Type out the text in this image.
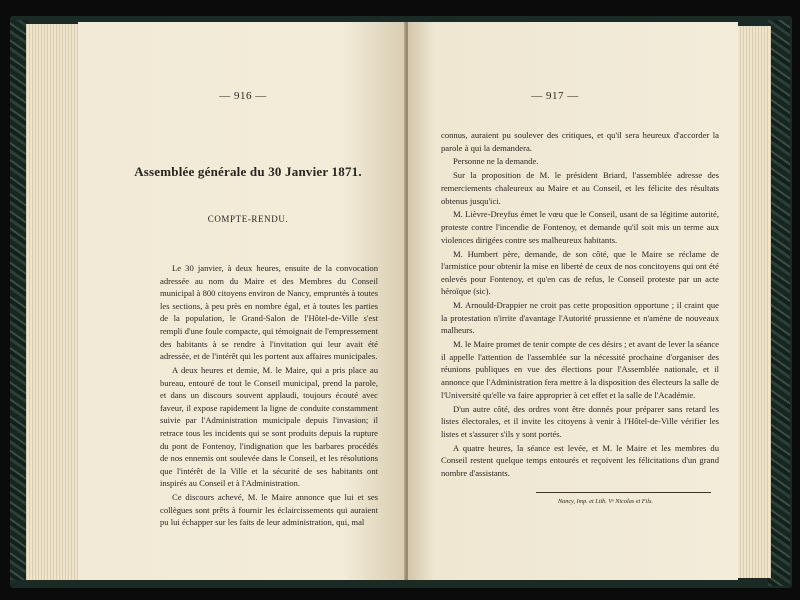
— 916 —
Assemblée générale du 30 Janvier 1871.
COMPTE-RENDU.

Le 30 janvier, à deux heures, ensuite de la convocation adressée au nom du Maire et des Membres du Conseil municipal à 800 citoyens environ de Nancy, empruntés à toutes les sections, à peu près en nombre égal, et à toutes les parties de la population, le Grand-Salon de l'Hôtel-de-Ville s'est rempli d'une foule compacte, qui témoignait de l'empressement des habitants à se rendre à l'invitation qui leur avait été adressée, et de l'intérêt qui les portent aux affaires municipales.

A deux heures et demie, M. le Maire, qui a pris place au bureau, entouré de tout le Conseil municipal, prend la parole, et dans un discours souvent applaudi, toujours écouté avec faveur, il expose rapidement la ligne de conduite constamment suivie par l'Administration municipale depuis l'invasion; il retrace tous les incidents qui se sont produits depuis la rupture du pont de Fontenoy, l'indignation que les barbares procédés de nos ennemis ont soulevée dans le Conseil, et les résolutions que l'intérêt de la Ville et la sécurité de ses habitants ont inspirés au Conseil et à l'Administration.

Ce discours achevé, M. le Maire annonce que lui et ses collègues sont prêts à fournir les éclaircissements qui auraient pu lui échapper sur les faits de leur administration, qui, mal

— 917 —

connus, auraient pu soulever des critiques, et qu'il sera heureux d'accorder la parole à qui la demandera.

Personne ne la demande.

Sur la proposition de M. le président Briard, l'assemblée adresse des remerciements chaleureux au Maire et au Conseil, et les félicite des résultats obtenus jusqu'ici.

M. Lièvre-Dreyfus émet le vœu que le Conseil, usant de sa légitime autorité, proteste contre l'incendie de Fontenoy, et demande qu'il soit mis un terme aux violences dirigées contre ses malheureux habitants.

M. Humbert père, demande, de son côté, que le Maire se réclame de l'armistice pour obtenir la mise en liberté de ceux de nos concitoyens qui ont été enlevés pour Fontenoy, et qu'en cas de refus, le Conseil proteste par un acte héroïque (sic).

M. Arnould-Drappier ne croit pas cette proposition opportune ; il craint que la protestation n'irrite d'avantage l'Autorité prussienne et n'amène de nouveaux malheurs.

M. le Maire promet de tenir compte de ces désirs ; et avant de lever la séance il appelle l'attention de l'assemblée sur la nécessité prochaine d'organiser des réunions publiques en vue des élections pour l'Assemblée nationale, et il annonce que l'Administration fera mettre à la disposition des électeurs la salle de l'Université qu'elle va faire approprier à cet effet et la salle de l'Académie.

D'un autre côté, des ordres vont être donnés pour préparer sans retard les listes électorales, et il invite les citoyens à venir à l'Hôtel-de-Ville vérifier les listes et s'assurer s'ils y sont portés.

A quatre heures, la séance est levée, et M. le Maire et les membres du Conseil restent quelque temps entourés et reçoivent les félicitations d'un grand nombre d'assistants.

Nancy, Imp. et Lith. Vᵉ Nicolas et Fils.
